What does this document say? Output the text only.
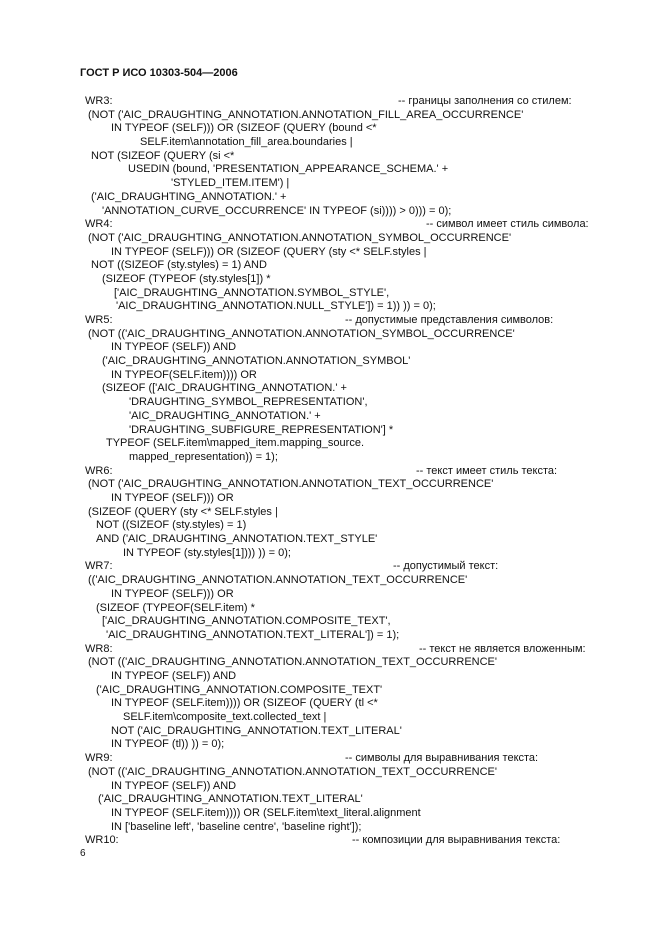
ГОСТ Р ИСО 10303-504—2006
WR3:	-- границы заполнения со стилем:
(NOT ('AIC_DRAUGHTING_ANNOTATION.ANNOTATION_FILL_AREA_OCCURRENCE'
IN TYPEOF (SELF))) OR (SIZEOF (QUERY (bound <*
SELF.item\annotation_fill_area.boundaries |
NOT (SIZEOF (QUERY (si <*
USEDIN (bound, 'PRESENTATION_APPEARANCE_SCHEMA.' +
'STYLED_ITEM.ITEM') |
('AIC_DRAUGHTING_ANNOTATION.' +
'ANNOTATION_CURVE_OCCURRENCE' IN TYPEOF (si)))) > 0))) = 0);
WR4:	-- символ имеет стиль символа:
(NOT ('AIC_DRAUGHTING_ANNOTATION.ANNOTATION_SYMBOL_OCCURRENCE'
IN TYPEOF (SELF))) OR (SIZEOF (QUERY (sty <* SELF.styles |
NOT ((SIZEOF (sty.styles) = 1) AND
(SIZEOF (TYPEOF (sty.styles[1]) *
['AIC_DRAUGHTING_ANNOTATION.SYMBOL_STYLE',
'AIC_DRAUGHTING_ANNOTATION.NULL_STYLE']) = 1)) )) = 0);
WR5:	-- допустимые представления символов:
(NOT (('AIC_DRAUGHTING_ANNOTATION.ANNOTATION_SYMBOL_OCCURRENCE'
IN TYPEOF (SELF)) AND
('AIC_DRAUGHTING_ANNOTATION.ANNOTATION_SYMBOL'
IN TYPEOF(SELF.item)))) OR
(SIZEOF (['AIC_DRAUGHTING_ANNOTATION.' +
'DRAUGHTING_SYMBOL_REPRESENTATION',
'AIC_DRAUGHTING_ANNOTATION.' +
'DRAUGHTING_SUBFIGURE_REPRESENTATION'] *
TYPEOF (SELF.item\mapped_item.mapping_source.
mapped_representation)) = 1);
WR6:	-- текст имеет стиль текста:
(NOT ('AIC_DRAUGHTING_ANNOTATION.ANNOTATION_TEXT_OCCURRENCE'
IN TYPEOF (SELF))) OR
(SIZEOF (QUERY (sty <* SELF.styles |
NOT ((SIZEOF (sty.styles) = 1)
AND ('AIC_DRAUGHTING_ANNOTATION.TEXT_STYLE'
IN TYPEOF (sty.styles[1]))) )) = 0);
WR7:	-- допустимый текст:
(('AIC_DRAUGHTING_ANNOTATION.ANNOTATION_TEXT_OCCURRENCE'
IN TYPEOF (SELF))) OR
(SIZEOF (TYPEOF(SELF.item) *
['AIC_DRAUGHTING_ANNOTATION.COMPOSITE_TEXT',
'AIC_DRAUGHTING_ANNOTATION.TEXT_LITERAL']) = 1);
WR8:	-- текст не является вложенным:
(NOT (('AIC_DRAUGHTING_ANNOTATION.ANNOTATION_TEXT_OCCURRENCE'
IN TYPEOF (SELF)) AND
('AIC_DRAUGHTING_ANNOTATION.COMPOSITE_TEXT'
IN TYPEOF (SELF.item)))) OR (SIZEOF (QUERY (tl <*
SELF.item\composite_text.collected_text |
NOT ('AIC_DRAUGHTING_ANNOTATION.TEXT_LITERAL'
IN TYPEOF (tl)) )) = 0);
WR9:	-- символы для выравнивания текста:
(NOT (('AIC_DRAUGHTING_ANNOTATION.ANNOTATION_TEXT_OCCURRENCE'
IN TYPEOF (SELF)) AND
('AIC_DRAUGHTING_ANNOTATION.TEXT_LITERAL'
IN TYPEOF (SELF.item)))) OR (SELF.item\text_literal.alignment
IN ['baseline left', 'baseline centre', 'baseline right']);
WR10:	-- композиции для выравнивания текста:
6
